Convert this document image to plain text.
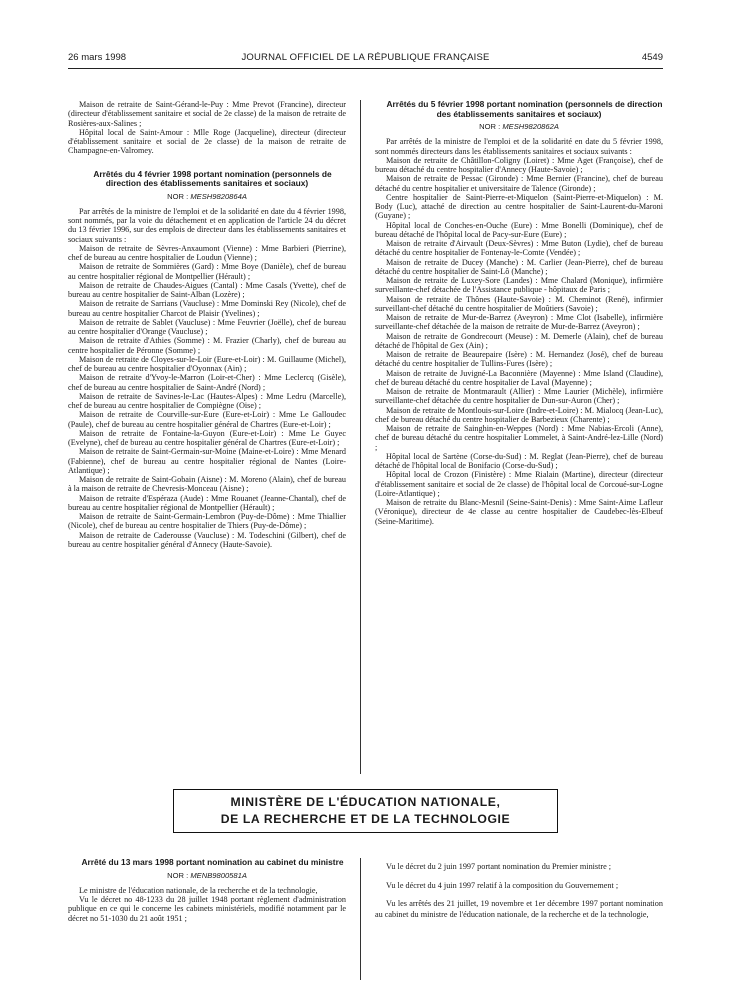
26 mars 1998	JOURNAL OFFICIEL DE LA RÉPUBLIQUE FRANÇAISE	4549

Maison de retraite de Saint-Gérand-le-Puy : Mme Prevot (Francine), directeur (directeur d'établissement sanitaire et social de 2e classe) de la maison de retraite de Rosières-aux-Salines ;

Hôpital local de Saint-Amour : Mlle Roge (Jacqueline), directeur (directeur d'établissement sanitaire et social de 2e classe) de la maison de retraite de Champagne-en-Valromey.

Arrêtés du 4 février 1998 portant nomination (personnels de direction des établissements sanitaires et sociaux)

NOR : MESH9820864A

Par arrêtés de la ministre de l'emploi et de la solidarité en date du 4 février 1998, sont nommés, par la voie du détachement et en application de l'article 24 du décret du 13 février 1996, sur des emplois de directeur dans les établissements sanitaires et sociaux suivants :

Maison de retraite de Sèvres-Anxaumont (Vienne) : Mme Barbieri (Pierrine), chef de bureau au centre hospitalier de Loudun (Vienne) ;

Maison de retraite de Sommières (Gard) : Mme Boye (Danièle), chef de bureau au centre hospitalier régional de Montpellier (Hérault) ;

Maison de retraite de Chaudes-Aigues (Cantal) : Mme Casals (Yvette), chef de bureau au centre hospitalier de Saint-Alban (Lozère) ;

Maison de retraite de Sarrians (Vaucluse) : Mme Dominski Rey (Nicole), chef de bureau au centre hospitalier Charcot de Plaisir (Yvelines) ;

Maison de retraite de Sablet (Vaucluse) : Mme Feuvrier (Joëlle), chef de bureau au centre hospitalier d'Orange (Vaucluse) ;

Maison de retraite d'Athies (Somme) : M. Frazier (Charly), chef de bureau au centre hospitalier de Péronne (Somme) ;

Maison de retraite de Cloyes-sur-le-Loir (Eure-et-Loir) : M. Guillaume (Michel), chef de bureau au centre hospitalier d'Oyonnax (Ain) ;

Maison de retraite d'Yvoy-le-Marron (Loir-et-Cher) : Mme Leclercq (Gisèle), chef de bureau au centre hospitalier de Saint-André (Nord) ;

Maison de retraite de Savines-le-Lac (Hautes-Alpes) : Mme Ledru (Marcelle), chef de bureau au centre hospitalier de Compiègne (Oise) ;

Maison de retraite de Courville-sur-Eure (Eure-et-Loir) : Mme Le Galloudec (Paule), chef de bureau au centre hospitalier général de Chartres (Eure-et-Loir) ;

Maison de retraite de Fontaine-la-Guyon (Eure-et-Loir) : Mme Le Guyec (Evelyne), chef de bureau au centre hospitalier général de Chartres (Eure-et-Loir) ;

Maison de retraite de Saint-Germain-sur-Moine (Maine-et-Loire) : Mme Menard (Fabienne), chef de bureau au centre hospitalier régional de Nantes (Loire-Atlantique) ;

Maison de retraite de Saint-Gobain (Aisne) : M. Moreno (Alain), chef de bureau à la maison de retraite de Chevresis-Monceau (Aisne) ;

Maison de retraite d'Espéraza (Aude) : Mme Rouanet (Jeanne-Chantal), chef de bureau au centre hospitalier régional de Montpellier (Hérault) ;

Maison de retraite de Saint-Germain-Lembron (Puy-de-Dôme) : Mme Thiallier (Nicole), chef de bureau au centre hospitalier de Thiers (Puy-de-Dôme) ;

Maison de retraite de Caderousse (Vaucluse) : M. Todeschini (Gilbert), chef de bureau au centre hospitalier général d'Annecy (Haute-Savoie).

Arrêtés du 5 février 1998 portant nomination (personnels de direction des établissements sanitaires et sociaux)

NOR : MESH9820862A

Par arrêtés de la ministre de l'emploi et de la solidarité en date du 5 février 1998, sont nommés directeurs dans les établissements sanitaires et sociaux suivants :

Maison de retraite de Châtillon-Coligny (Loiret) : Mme Aget (Françoise), chef de bureau détaché du centre hospitalier d'Annecy (Haute-Savoie) ;

Maison de retraite de Pessac (Gironde) : Mme Bernier (Francine), chef de bureau détaché du centre hospitalier et universitaire de Talence (Gironde) ;

Centre hospitalier de Saint-Pierre-et-Miquelon (Saint-Pierre-et-Miquelon) : M. Body (Luc), attaché de direction au centre hospitalier de Saint-Laurent-du-Maroni (Guyane) ;

Hôpital local de Conches-en-Ouche (Eure) : Mme Bonelli (Dominique), chef de bureau détaché de l'hôpital local de Pacy-sur-Eure (Eure) ;

Maison de retraite d'Airvault (Deux-Sèvres) : Mme Buton (Lydie), chef de bureau détaché du centre hospitalier de Fontenay-le-Comte (Vendée) ;

Maison de retraite de Ducey (Manche) : M. Carlier (Jean-Pierre), chef de bureau détaché du centre hospitalier de Saint-Lô (Manche) ;

Maison de retraite de Luxey-Sore (Landes) : Mme Chalard (Monique), infirmière surveillante-chef détachée de l'Assistance publique - hôpitaux de Paris ;

Maison de retraite de Thônes (Haute-Savoie) : M. Cheminot (René), infirmier surveillant-chef détaché du centre hospitalier de Moûtiers (Savoie) ;

Maison de retraite de Mur-de-Barrez (Aveyron) : Mme Clot (Isabelle), infirmière surveillante-chef détachée de la maison de retraite de Mur-de-Barrez (Aveyron) ;

Maison de retraite de Gondrecourt (Meuse) : M. Demerle (Alain), chef de bureau détaché de l'hôpital de Gex (Ain) ;

Maison de retraite de Beaurepaire (Isère) : M. Hernandez (José), chef de bureau détaché du centre hospitalier de Tullins-Fures (Isère) ;

Maison de retraite de Juvigné-La Baconnière (Mayenne) : Mme Island (Claudine), chef de bureau détaché du centre hospitalier de Laval (Mayenne) ;

Maison de retraite de Montmarault (Allier) : Mme Laurier (Michèle), infirmière surveillante-chef détachée du centre hospitalier de Dun-sur-Auron (Cher) ;

Maison de retraite de Montlouis-sur-Loire (Indre-et-Loire) : M. Mialocq (Jean-Luc), chef de bureau détaché du centre hospitalier de Barbezieux (Charente) ;

Maison de retraite de Sainghin-en-Weppes (Nord) : Mme Nabias-Ercoli (Anne), chef de bureau détaché du centre hospitalier Lommelet, à Saint-André-lez-Lille (Nord) ;

Hôpital local de Sartène (Corse-du-Sud) : M. Reglat (Jean-Pierre), chef de bureau détaché de l'hôpital local de Bonifacio (Corse-du-Sud) ;

Hôpital local de Crozon (Finistère) : Mme Rialain (Martine), directeur (directeur d'établissement sanitaire et social de 2e classe) de l'hôpital local de Corcoué-sur-Logne (Loire-Atlantique) ;

Maison de retraite du Blanc-Mesnil (Seine-Saint-Denis) : Mme Saint-Aime Lafleur (Véronique), directeur de 4e classe au centre hospitalier de Caudebec-lès-Elbeuf (Seine-Maritime).

MINISTÈRE DE L'ÉDUCATION NATIONALE,
DE LA RECHERCHE ET DE LA TECHNOLOGIE

Arrêté du 13 mars 1998 portant nomination au cabinet du ministre

NOR : MENB9800581A

Le ministre de l'éducation nationale, de la recherche et de la technologie,

Vu le décret no 48-1233 du 28 juillet 1948 portant règlement d'administration publique en ce qui le concerne les cabinets ministériels, modifié notamment par le décret no 51-1030 du 21 août 1951 ;

Vu le décret du 2 juin 1997 portant nomination du Premier ministre ;

Vu le décret du 4 juin 1997 relatif à la composition du Gouvernement ;

Vu les arrêtés des 21 juillet, 19 novembre et 1er décembre 1997 portant nomination au cabinet du ministre de l'éducation nationale, de la recherche et de la technologie,
